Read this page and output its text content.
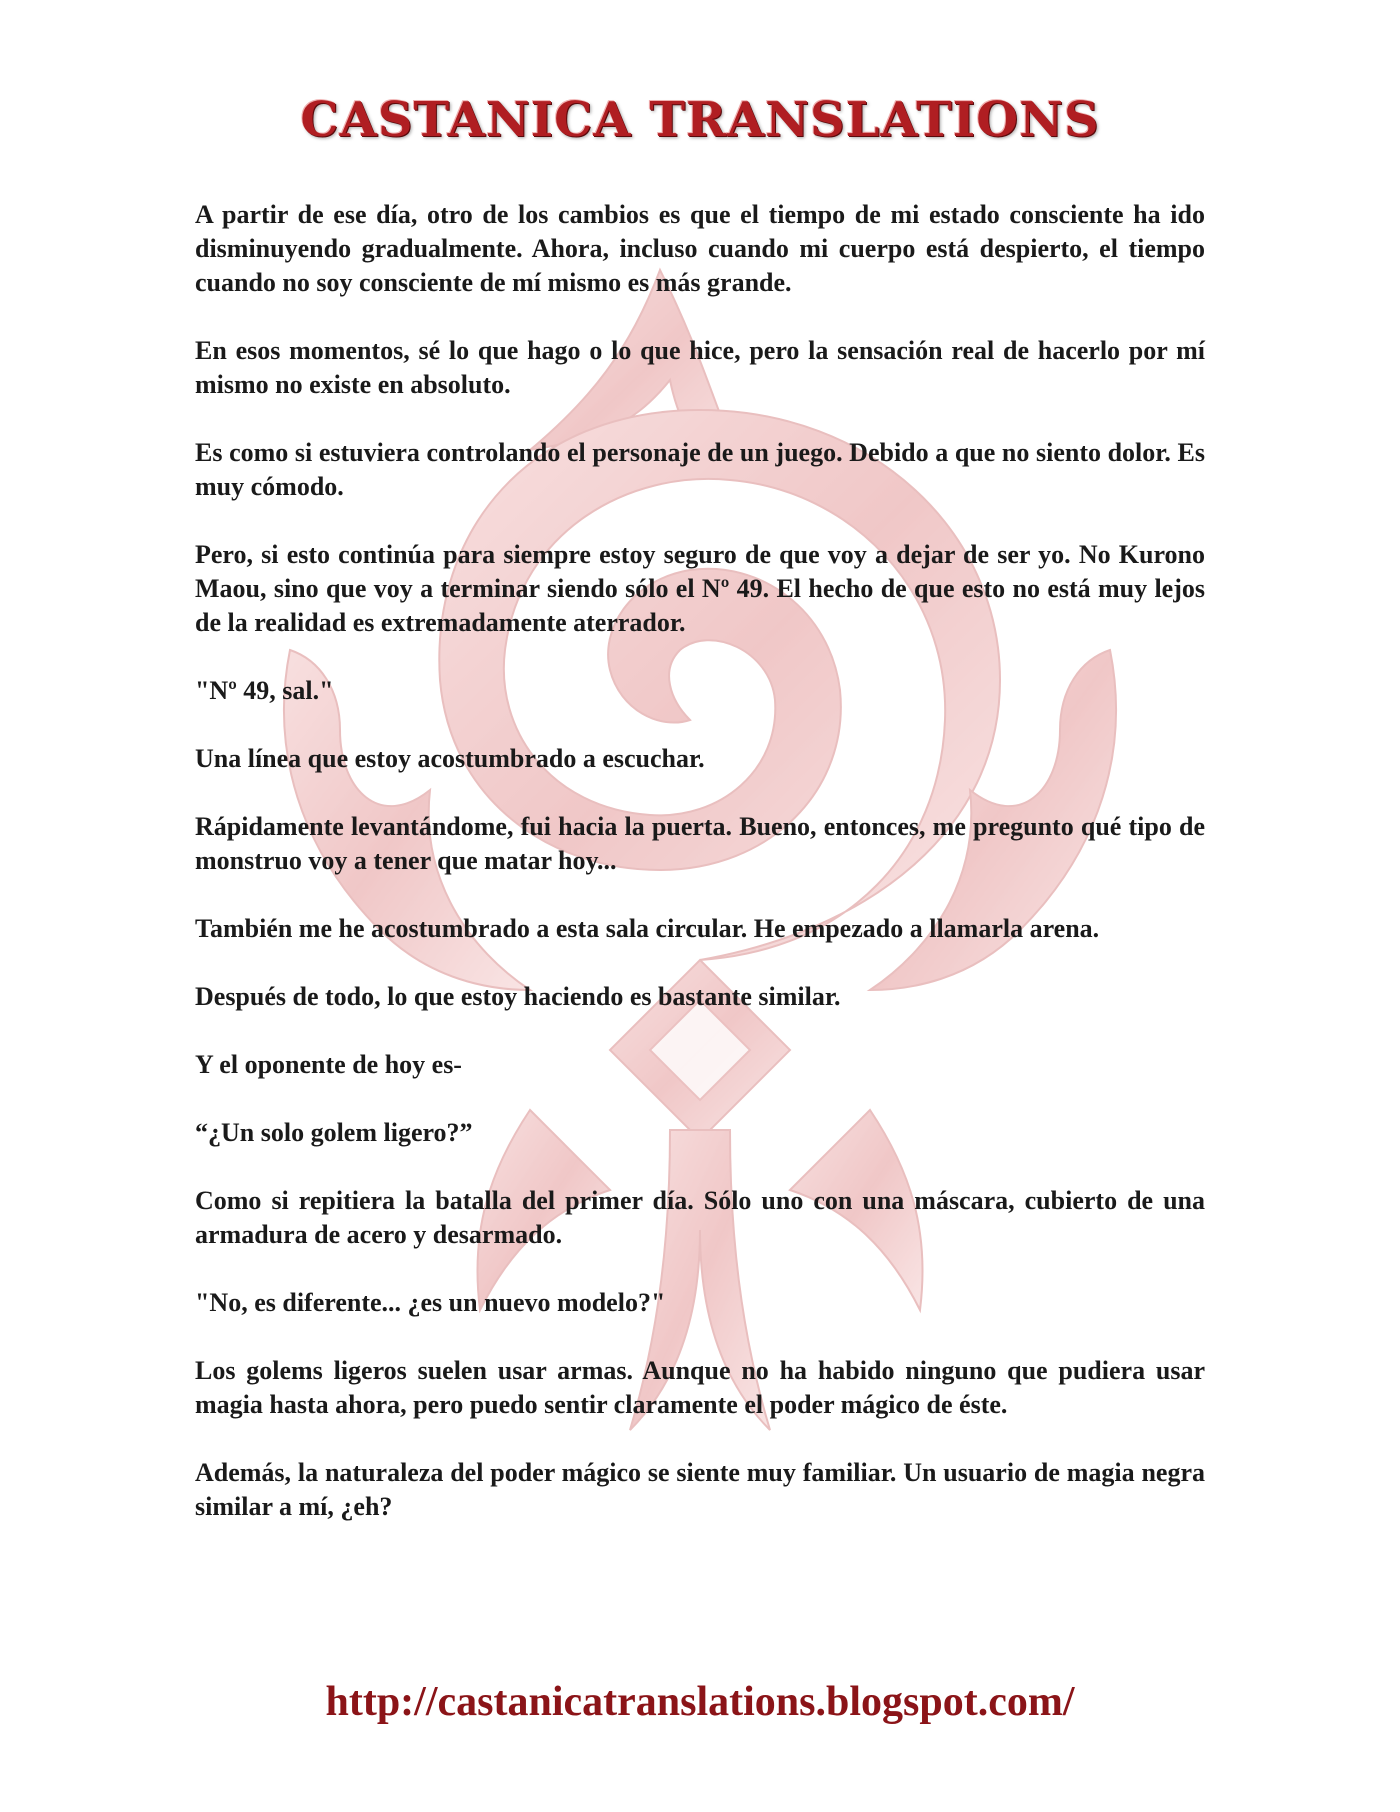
CASTANICA TRANSLATIONS

A partir de ese día, otro de los cambios es que el tiempo de mi estado consciente ha ido disminuyendo gradualmente. Ahora, incluso cuando mi cuerpo está despierto, el tiempo cuando no soy consciente de mí mismo es más grande.

En esos momentos, sé lo que hago o lo que hice, pero la sensación real de hacerlo por mí mismo no existe en absoluto.

Es como si estuviera controlando el personaje de un juego. Debido a que no siento dolor. Es muy cómodo.

Pero, si esto continúa para siempre estoy seguro de que voy a dejar de ser yo. No Kurono Maou, sino que voy a terminar siendo sólo el Nº 49. El hecho de que esto no está muy lejos de la realidad es extremadamente aterrador.

"Nº 49, sal."

Una línea que estoy acostumbrado a escuchar.

Rápidamente levantándome, fui hacia la puerta. Bueno, entonces, me pregunto qué tipo de monstruo voy a tener que matar hoy...

También me he acostumbrado a esta sala circular. He empezado a llamarla arena.

Después de todo, lo que estoy haciendo es bastante similar.

Y el oponente de hoy es-

“¿Un solo golem ligero?”

Como si repitiera la batalla del primer día. Sólo uno con una máscara, cubierto de una armadura de acero y desarmado.

"No, es diferente... ¿es un nuevo modelo?"

Los golems ligeros suelen usar armas. Aunque no ha habido ninguno que pudiera usar magia hasta ahora, pero puedo sentir claramente el poder mágico de éste.

Además, la naturaleza del poder mágico se siente muy familiar. Un usuario de magia negra similar a mí, ¿eh?

http://castanicatranslations.blogspot.com/
